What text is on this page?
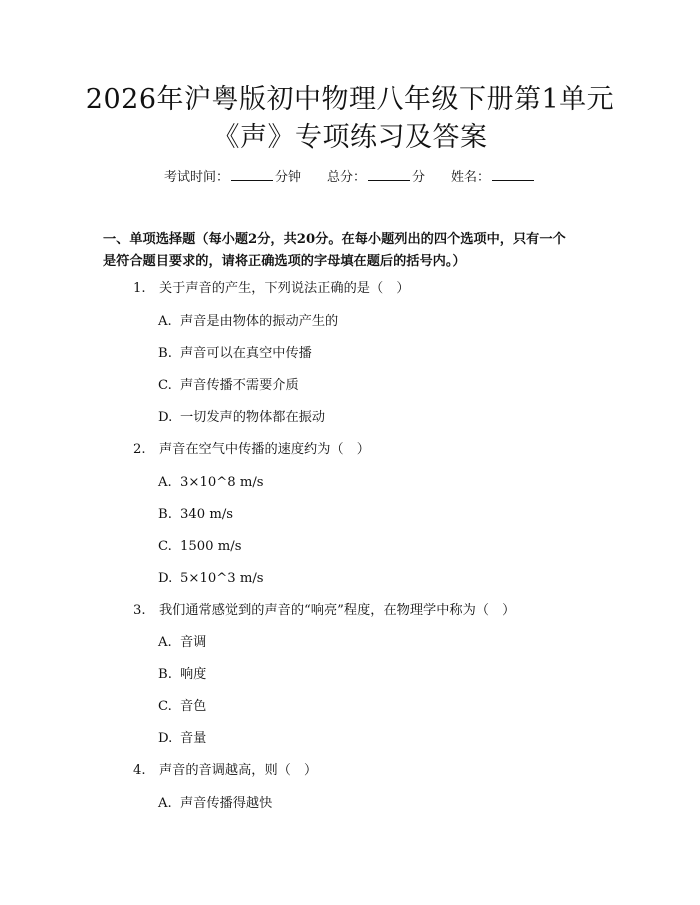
2026年沪粤版初中物理八年级下册第1单元
《声》专项练习及答案
考试时间：	分钟 总分：	分 姓名：
一、单项选择题（每小题2分，共20分。在每小题列出的四个选项中，只有一个
是符合题目要求的，请将正确选项的字母填在题后的括号内。）
1. 关于声音的产生，下列说法正确的是（　）
A. 声音是由物体的振动产生的
B. 声音可以在真空中传播
C. 声音传播不需要介质
D. 一切发声的物体都在振动
2. 声音在空气中传播的速度约为（　）
A. 3×10^8 m/s
B. 340 m/s
C. 1500 m/s
D. 5×10^3 m/s
3. 我们通常感觉到的声音的“响亮”程度，在物理学中称为（　）
A. 音调
B. 响度
C. 音色
D. 音量
4. 声音的音调越高，则（　）
A. 声音传播得越快
